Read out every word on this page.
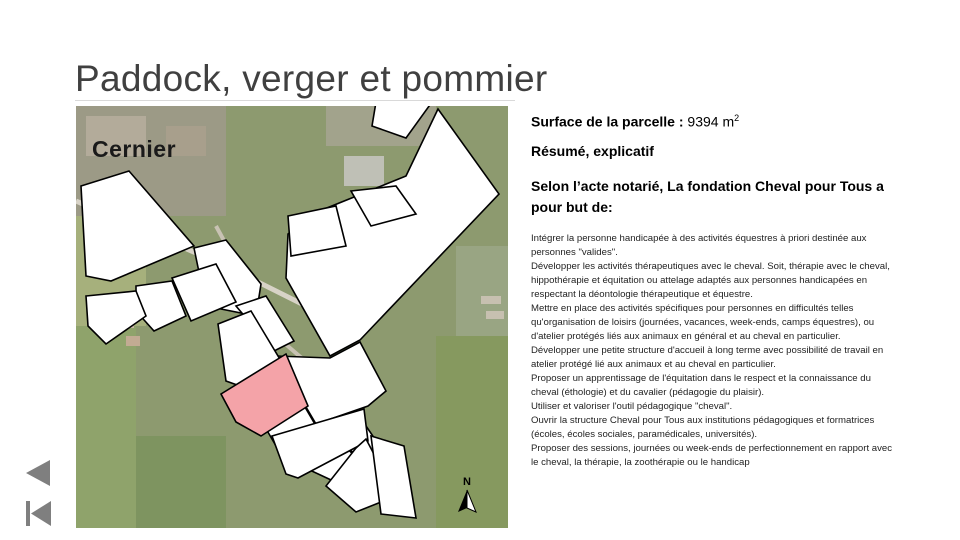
Paddock, verger et pommier
Cernier
N

Surface de la parcelle : 9394 $m^2$

Résumé, explicatif

Selon l’acte notarié, La fondation Cheval pour Tous a pour but de:

Intégrer la personne handicapée à des activités équestres à priori destinée aux personnes "valides".
Développer les activités thérapeutiques avec le cheval. Soit, thérapie avec le cheval, hippothérapie et équitation ou attelage adaptés aux personnes handicapées en respectant la déontologie thérapeutique et équestre.
Mettre en place des activités spécifiques pour personnes en difficultés telles qu'organisation de loisirs (journées, vacances, week-ends, camps équestres), ou d'atelier protégés liés aux animaux en général et au cheval en particulier.
Développer une petite structure d'accueil à long terme avec possibilité de travail en atelier protégé lié aux animaux et au cheval en particulier.
Proposer un apprentissage de l'équitation dans le respect et la connaissance du cheval (éthologie) et du cavalier (pédagogie du plaisir).
Utiliser et valoriser l'outil pédagogique "cheval".
Ouvrir la structure Cheval pour Tous aux institutions pédagogiques et formatrices (écoles, écoles sociales, paramédicales, universités).
Proposer des sessions, journées ou week-ends de perfectionnement en rapport avec le cheval, la thérapie, la zoothérapie ou le handicap
